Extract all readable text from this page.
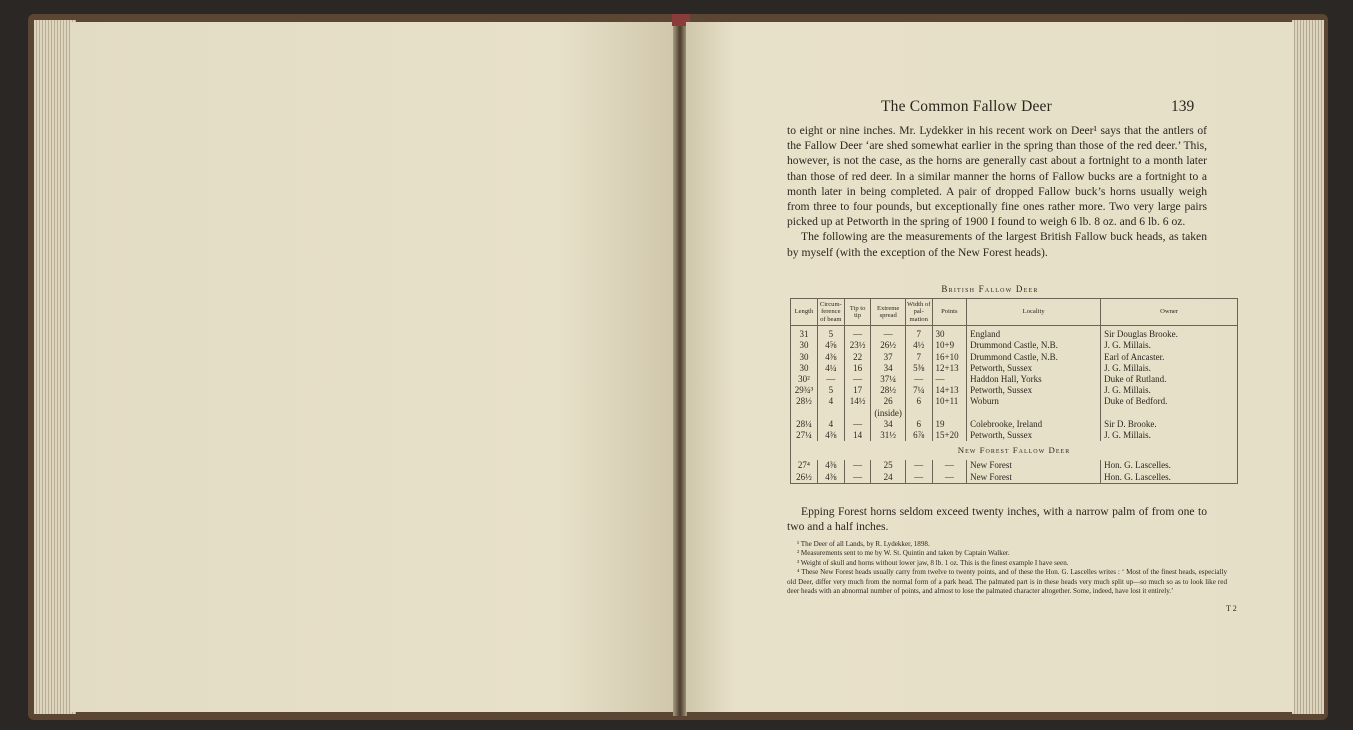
The Common Fallow Deer	139

to eight or nine inches. Mr. Lydekker in his recent work on Deer¹ says that the antlers of the Fallow Deer ‘are shed somewhat earlier in the spring than those of the red deer.’ This, however, is not the case, as the horns are generally cast about a fortnight to a month later than those of red deer. In a similar manner the horns of Fallow bucks are a fortnight to a month later in being completed. A pair of dropped Fallow buck’s horns usually weigh from three to four pounds, but exceptionally fine ones rather more. Two very large pairs picked up at Petworth in the spring of 1900 I found to weigh 6 lb. 8 oz. and 6 lb. 6 oz.

The following are the measurements of the largest British Fallow buck heads, as taken by myself (with the exception of the New Forest heads).

British Fallow Deer
Length	Circum-ference of beam	Tip to tip	Extreme spread	Width of pal-mation	Points	Locality	Owner
31	5	—	—	7	30	England	Sir Douglas Brooke.
30	4⅝	23½	26½	4½	10+9	Drummond Castle, N.B.	J. G. Millais.
30	4⅜	22	37	7	16+10	Drummond Castle, N.B.	Earl of Ancaster.
30	4¼	16	34	5⅜	12+13	Petworth, Sussex	J. G. Millais.
30²	—	—	37¼	—	—	Haddon Hall, Yorks	Duke of Rutland.
29¾³	5	17	28½	7¼	14+13	Petworth, Sussex	J. G. Millais.
28½	4	14½	26	6	10+11	Woburn	Duke of Bedford.
			(inside)				
28¼	4	—	34	6	19	Colebrooke, Ireland	Sir D. Brooke.
27¼	4⅜	14	31½	6⅞	15+20	Petworth, Sussex	J. G. Millais.
New Forest Fallow Deer							
27⁴	4⅜	—	25	—	—	New Forest	Hon. G. Lascelles.
26½	4⅜	—	24	—	—	New Forest	Hon. G. Lascelles.

Epping Forest horns seldom exceed twenty inches, with a narrow palm of from one to two and a half inches.

¹ The Deer of all Lands, by R. Lydekker, 1898.

² Measurements sent to me by W. St. Quintin and taken by Captain Walker.

³ Weight of skull and horns without lower jaw, 8 lb. 1 oz. This is the finest example I have seen.

⁴ These New Forest heads usually carry from twelve to twenty points, and of these the Hon. G. Lascelles writes : ‘ Most of the finest heads, especially old Deer, differ very much from the normal form of a park head. The palmated part is in these heads very much split up—so much so as to look like red deer heads with an abnormal number of points, and almost to lose the palmated character altogether. Some, indeed, have lost it entirely.’

T 2
